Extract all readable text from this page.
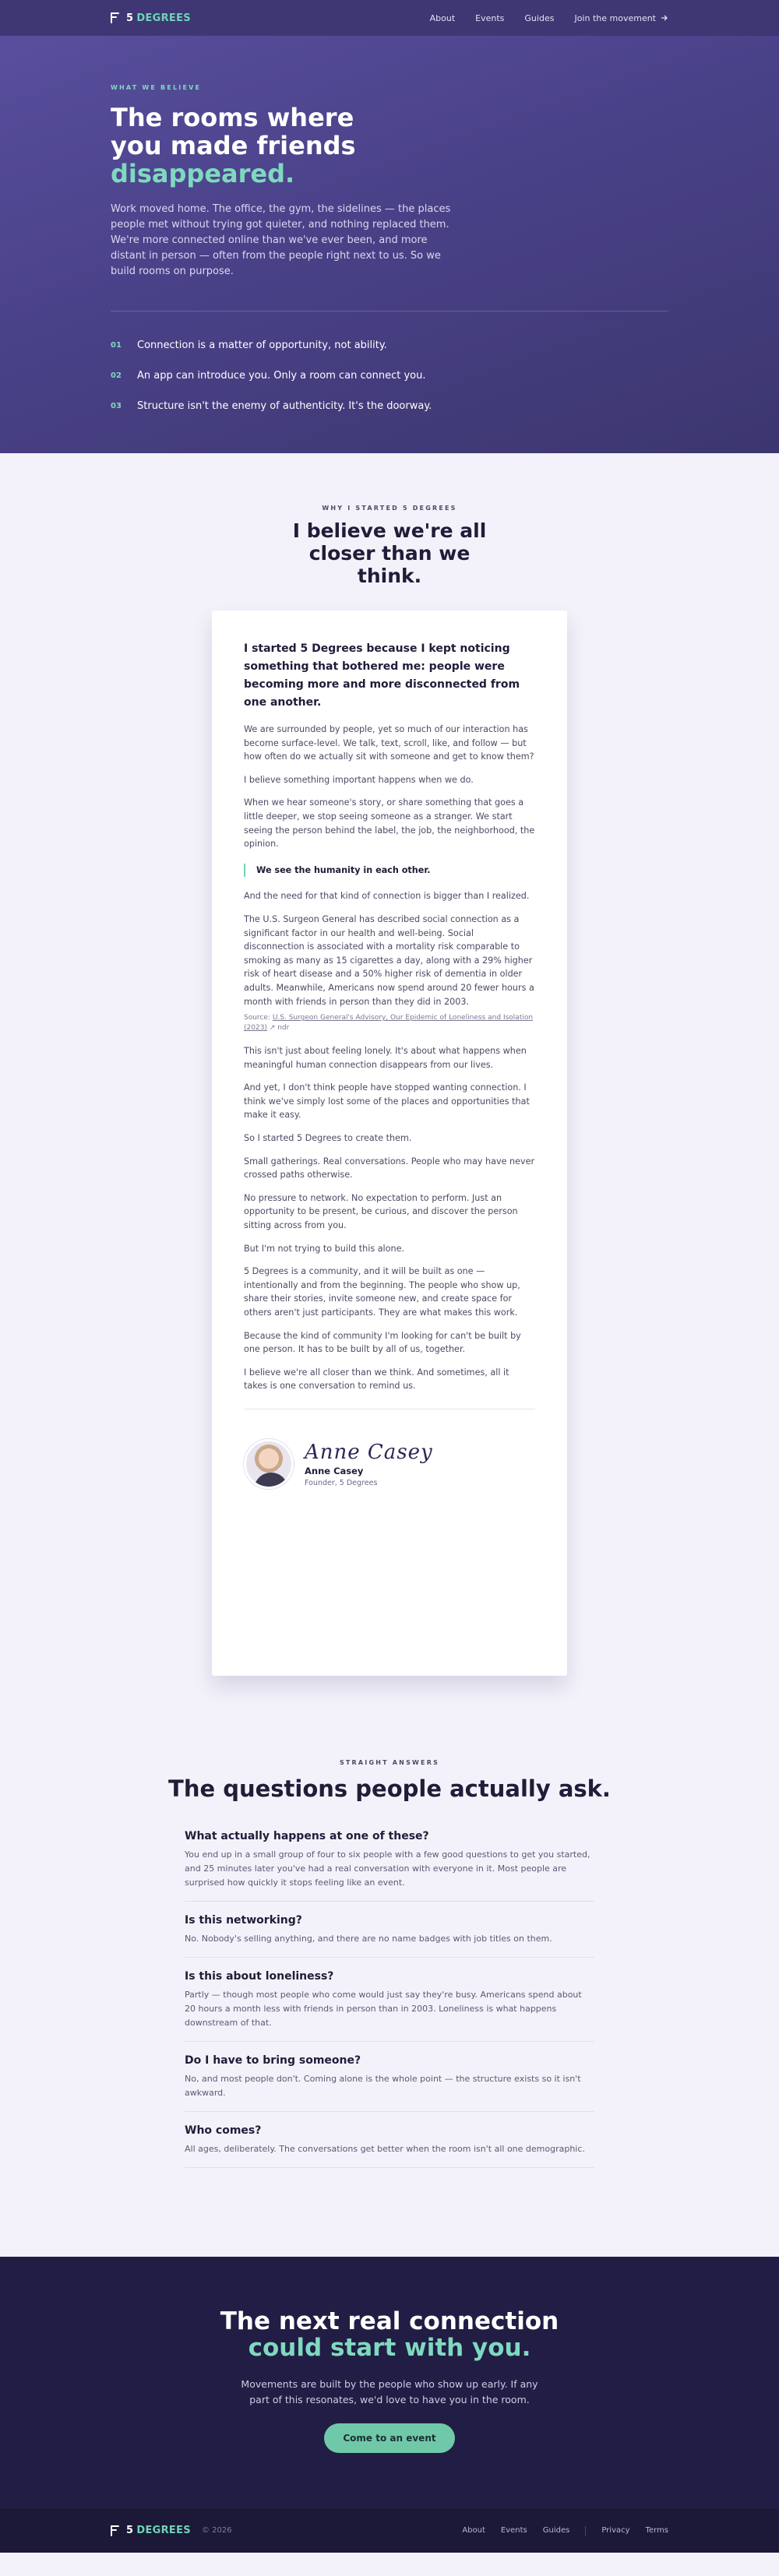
5 DEGREES	About Events Guides Join the movement
WHAT WE BELIEVE
The rooms where
you made friends
disappeared.

Work moved home. The office, the gym, the sidelines — the places people met without trying got quieter, and nothing replaced them. We're more connected online than we've ever been, and more distant in person — often from the people right next to us. So we build rooms on purpose.

01 Connection is a matter of opportunity, not ability.
02 An app can introduce you. Only a room can connect you.
03 Structure isn't the enemy of authenticity. It's the doorway.
WHY I STARTED 5 DEGREES
I believe we're all closer than we think.
I started 5 Degrees because I kept noticing something that bothered me: people were becoming more and more disconnected from one another.

We are surrounded by people, yet so much of our interaction has become surface-level. We talk, text, scroll, like, and follow — but how often do we actually sit with someone and get to know them?

I believe something important happens when we do.

When we hear someone's story, or share something that goes a little deeper, we stop seeing someone as a stranger. We start seeing the person behind the label, the job, the neighborhood, the opinion.

We see the humanity in each other.

And the need for that kind of connection is bigger than I realized.

The U.S. Surgeon General has described social connection as a significant factor in our health and well-being. Social disconnection is associated with a mortality risk comparable to smoking as many as 15 cigarettes a day, along with a 29% higher risk of heart disease and a 50% higher risk of dementia in older adults. Meanwhile, Americans now spend around 20 fewer hours a month with friends in person than they did in 2003.

Source: U.S. Surgeon General's Advisory, Our Epidemic of Loneliness and Isolation (2023) ↗ ndr

This isn't just about feeling lonely. It's about what happens when meaningful human connection disappears from our lives.

And yet, I don't think people have stopped wanting connection. I think we've simply lost some of the places and opportunities that make it easy.

So I started 5 Degrees to create them.

Small gatherings. Real conversations. People who may have never crossed paths otherwise.

No pressure to network. No expectation to perform. Just an opportunity to be present, be curious, and discover the person sitting across from you.

But I'm not trying to build this alone.

5 Degrees is a community, and it will be built as one — intentionally and from the beginning. The people who show up, share their stories, invite someone new, and create space for others aren't just participants. They are what makes this work.

Because the kind of community I'm looking for can't be built by one person. It has to be built by all of us, together.

I believe we're all closer than we think. And sometimes, all it takes is one conversation to remind us.

Anne Casey
Anne Casey
Founder, 5 Degrees
STRAIGHT ANSWERS
The questions people actually ask.
What actually happens at one of these?

You end up in a small group of four to six people with a few good questions to get you started, and 25 minutes later you've had a real conversation with everyone in it. Most people are surprised how quickly it stops feeling like an event.

Is this networking?

No. Nobody's selling anything, and there are no name badges with job titles on them.

Is this about loneliness?

Partly — though most people who come would just say they're busy. Americans spend about 20 hours a month less with friends in person than in 2003. Loneliness is what happens downstream of that.

Do I have to bring someone?

No, and most people don't. Coming alone is the whole point — the structure exists so it isn't awkward.

Who comes?

All ages, deliberately. The conversations get better when the room isn't all one demographic.

The next real connection
could start with you.

Movements are built by the people who show up early. If any part of this resonates, we'd love to have you in the room.

Come to an event
5 DEGREES © 2026	About Events Guides	Privacy Terms
